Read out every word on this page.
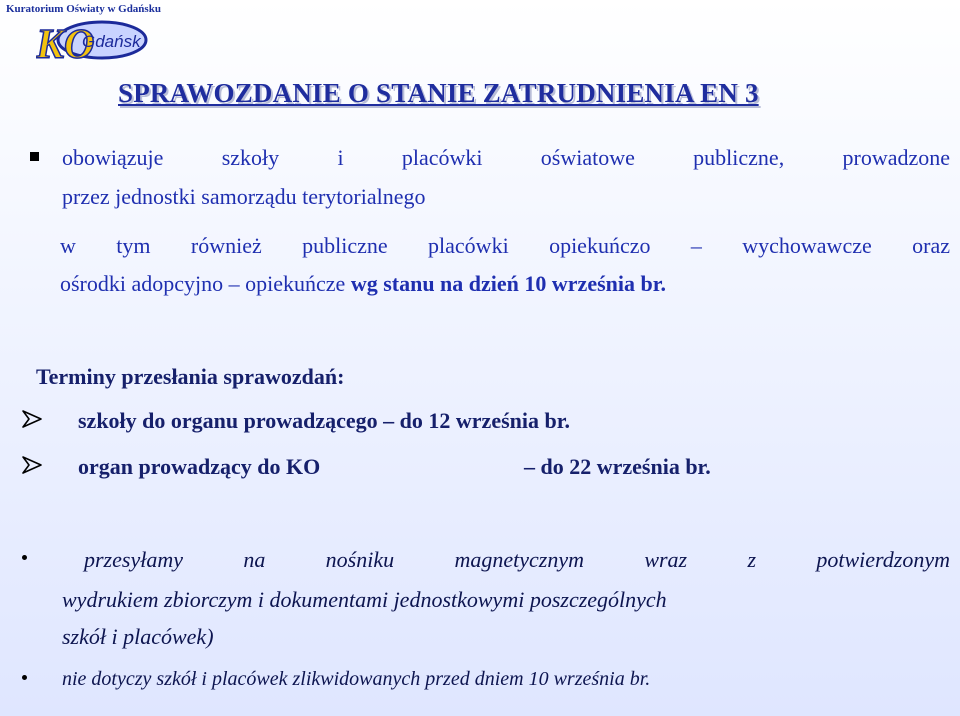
Kuratorium Oświaty w Gdańsku
KO
Gdańsk
SPRAWOZDANIE O STANIE ZATRUDNIENIA EN 3
obowiązuje szkoły i placówki oświatowe publiczne, prowadzone
przez jednostki samorządu terytorialnego
w tym również publiczne placówki opiekuńczo – wychowawcze oraz
ośrodki adopcyjno – opiekuńcze wg stanu na dzień 10 września br.
Terminy przesłania sprawozdań:
szkoły do organu prowadzącego – do 12 września br.
organ prowadzący do KO	– do 22 września br.
przesyłamy na nośniku magnetycznym wraz z potwierdzonym
wydrukiem zbiorczym i dokumentami jednostkowymi poszczególnych
szkół i placówek)
nie dotyczy szkół i placówek zlikwidowanych przed dniem 10 września br.
